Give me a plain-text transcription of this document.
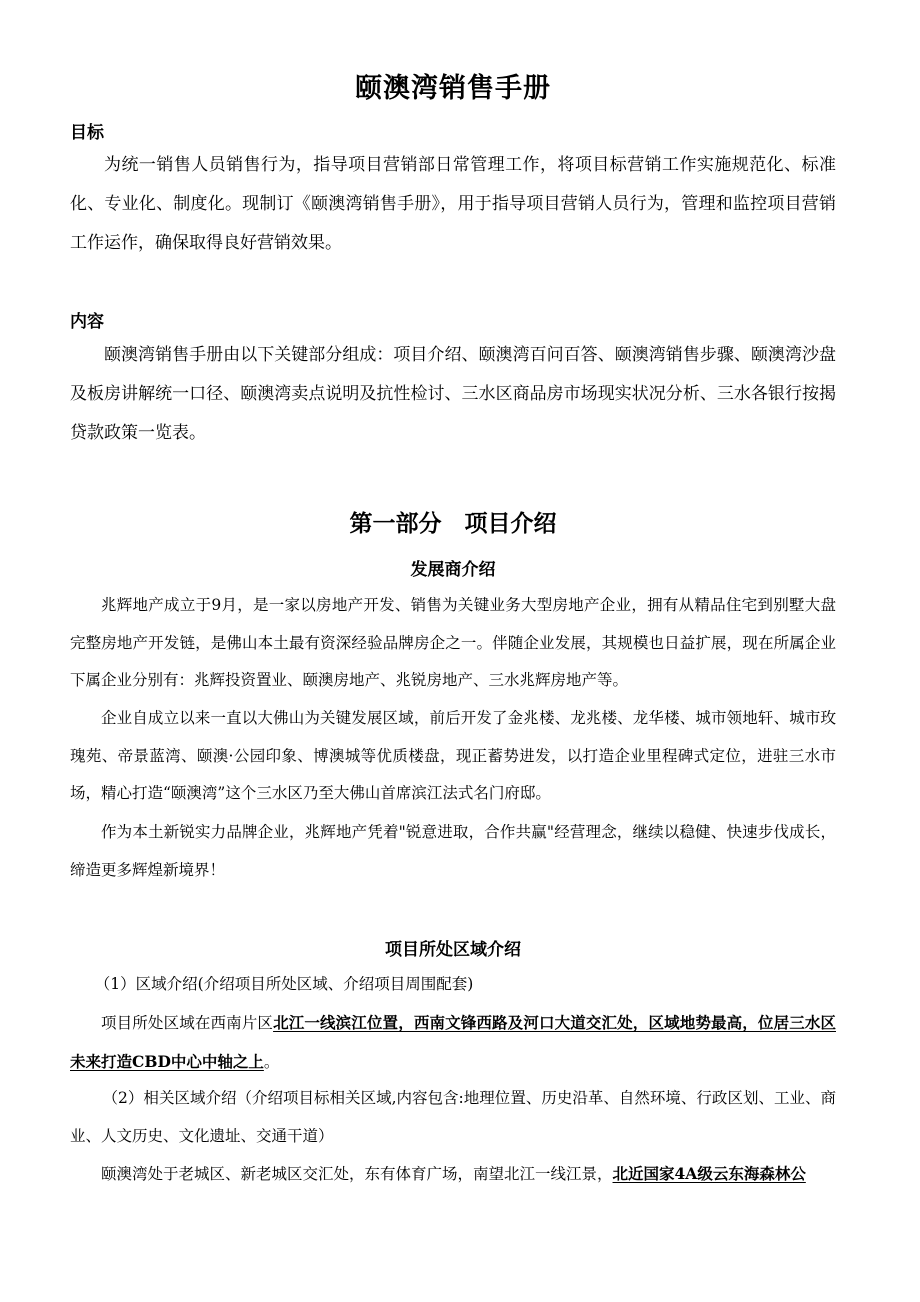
颐澳湾销售手册
目标

为统一销售人员销售行为，指导项目营销部日常管理工作，将项目标营销工作实施规范化、标准化、专业化、制度化。现制订《颐澳湾销售手册》，用于指导项目营销人员行为，管理和监控项目营销工作运作，确保取得良好营销效果。

内容

颐澳湾销售手册由以下关键部分组成：项目介绍、颐澳湾百问百答、颐澳湾销售步骤、颐澳湾沙盘及板房讲解统一口径、颐澳湾卖点说明及抗性检讨、三水区商品房市场现实状况分析、三水各银行按揭贷款政策一览表。

第一部分　项目介绍
发展商介绍

兆辉地产成立于9月，是一家以房地产开发、销售为关键业务大型房地产企业，拥有从精品住宅到别墅大盘完整房地产开发链，是佛山本土最有资深经验品牌房企之一。伴随企业发展，其规模也日益扩展，现在所属企业下属企业分别有：兆辉投资置业、颐澳房地产、兆锐房地产、三水兆辉房地产等。

企业自成立以来一直以大佛山为关键发展区域，前后开发了金兆楼、龙兆楼、龙华楼、城市领地轩、城市玫瑰苑、帝景蓝湾、颐澳·公园印象、博澳城等优质楼盘，现正蓄势进发，以打造企业里程碑式定位，进驻三水市场，精心打造“颐澳湾”这个三水区乃至大佛山首席滨江法式名门府邸。

作为本土新锐实力品牌企业，兆辉地产凭着"锐意进取，合作共赢"经营理念，继续以稳健、快速步伐成长，缔造更多辉煌新境界！

项目所处区域介绍

（1）区域介绍(介绍项目所处区域、介绍项目周围配套)

项目所处区域在西南片区北江一线滨江位置，西南文锋西路及河口大道交汇处，区域地势最高，位居三水区未来打造CBD中心中轴之上。

（2）相关区域介绍（介绍项目标相关区域,内容包含:地理位置、历史沿革、自然环境、行政区划、工业、商业、人文历史、文化遗址、交通干道）

颐澳湾处于老城区、新老城区交汇处，东有体育广场，南望北江一线江景，北近国家4A级云东海森林公
